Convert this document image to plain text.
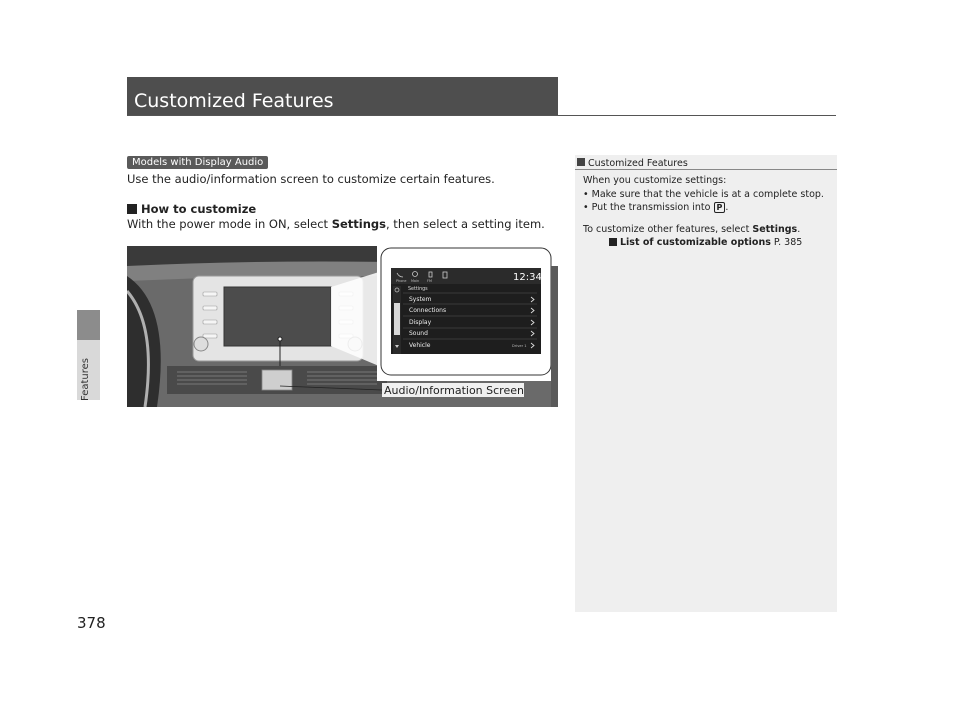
Features
Customized Features
Models with Display Audio
Use the audio/information screen to customize certain features.
How to customize
With the power mode in ON, select Settings, then select a setting item.
Phone Main FM	12:34
Settings
System
Connections
Display
Sound
Vehicle	Driver 1
Audio/Information Screen
Customized Features
When you customize settings:
• Make sure that the vehicle is at a complete stop.
• Put the transmission into P .
To customize other features, select Settings.
List of customizable options P. 385
378
